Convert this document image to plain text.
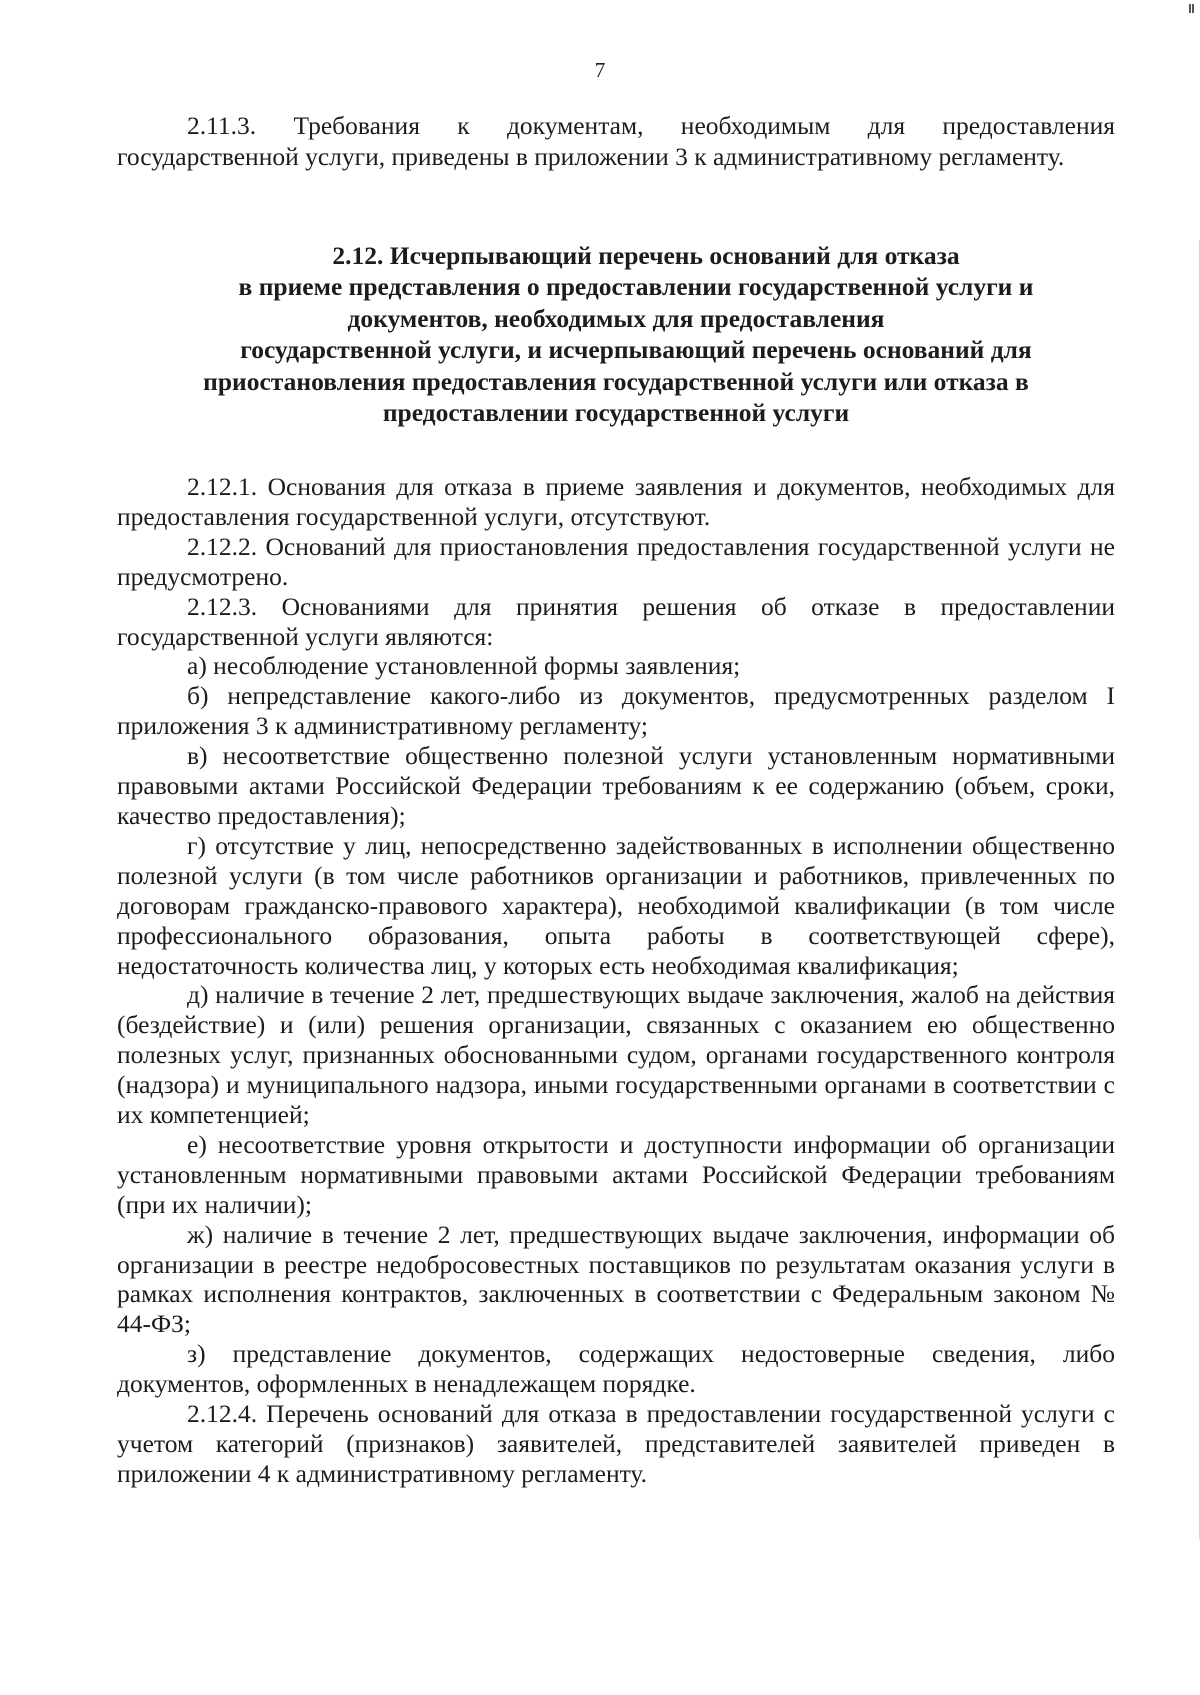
7

2.11.3. Требования к документам, необходимым для предоставления государственной услуги, приведены в приложении 3 к административному регламенту.

2.12. Исчерпывающий перечень оснований для отказа
в приеме представления о предоставлении государственной услуги и
документов, необходимых для предоставления
государственной услуги, и исчерпывающий перечень оснований для
приостановления предоставления государственной услуги или отказа в
предоставлении государственной услуги

2.12.1. Основания для отказа в приеме заявления и документов, необходимых для предоставления государственной услуги, отсутствуют.

2.12.2. Оснований для приостановления предоставления государственной услуги не предусмотрено.

2.12.3. Основаниями для принятия решения об отказе в предоставлении государственной услуги являются:

а) несоблюдение установленной формы заявления;

б) непредставление какого-либо из документов, предусмотренных разделом I приложения 3 к административному регламенту;

в) несоответствие общественно полезной услуги установленным нормативными правовыми актами Российской Федерации требованиям к ее содержанию (объем, сроки, качество предоставления);

г) отсутствие у лиц, непосредственно задействованных в исполнении общественно полезной услуги (в том числе работников организации и работников, привлеченных по договорам гражданско-правового характера), необходимой квалификации (в том числе профессионального образования, опыта работы в соответствующей сфере), недостаточность количества лиц, у которых есть необходимая квалификация;

д) наличие в течение 2 лет, предшествующих выдаче заключения, жалоб на действия (бездействие) и (или) решения организации, связанных с оказанием ею общественно полезных услуг, признанных обоснованными судом, органами государственного контроля (надзора) и муниципального надзора, иными государственными органами в соответствии с их компетенцией;

е) несоответствие уровня открытости и доступности информации об организации установленным нормативными правовыми актами Российской Федерации требованиям (при их наличии);

ж) наличие в течение 2 лет, предшествующих выдаче заключения, информации об организации в реестре недобросовестных поставщиков по результатам оказания услуги в рамках исполнения контрактов, заключенных в соответствии с Федеральным законом № 44-ФЗ;

з) представление документов, содержащих недостоверные сведения, либо документов, оформленных в ненадлежащем порядке.

2.12.4. Перечень оснований для отказа в предоставлении государственной услуги с учетом категорий (признаков) заявителей, представителей заявителей приведен в приложении 4 к административному регламенту.
